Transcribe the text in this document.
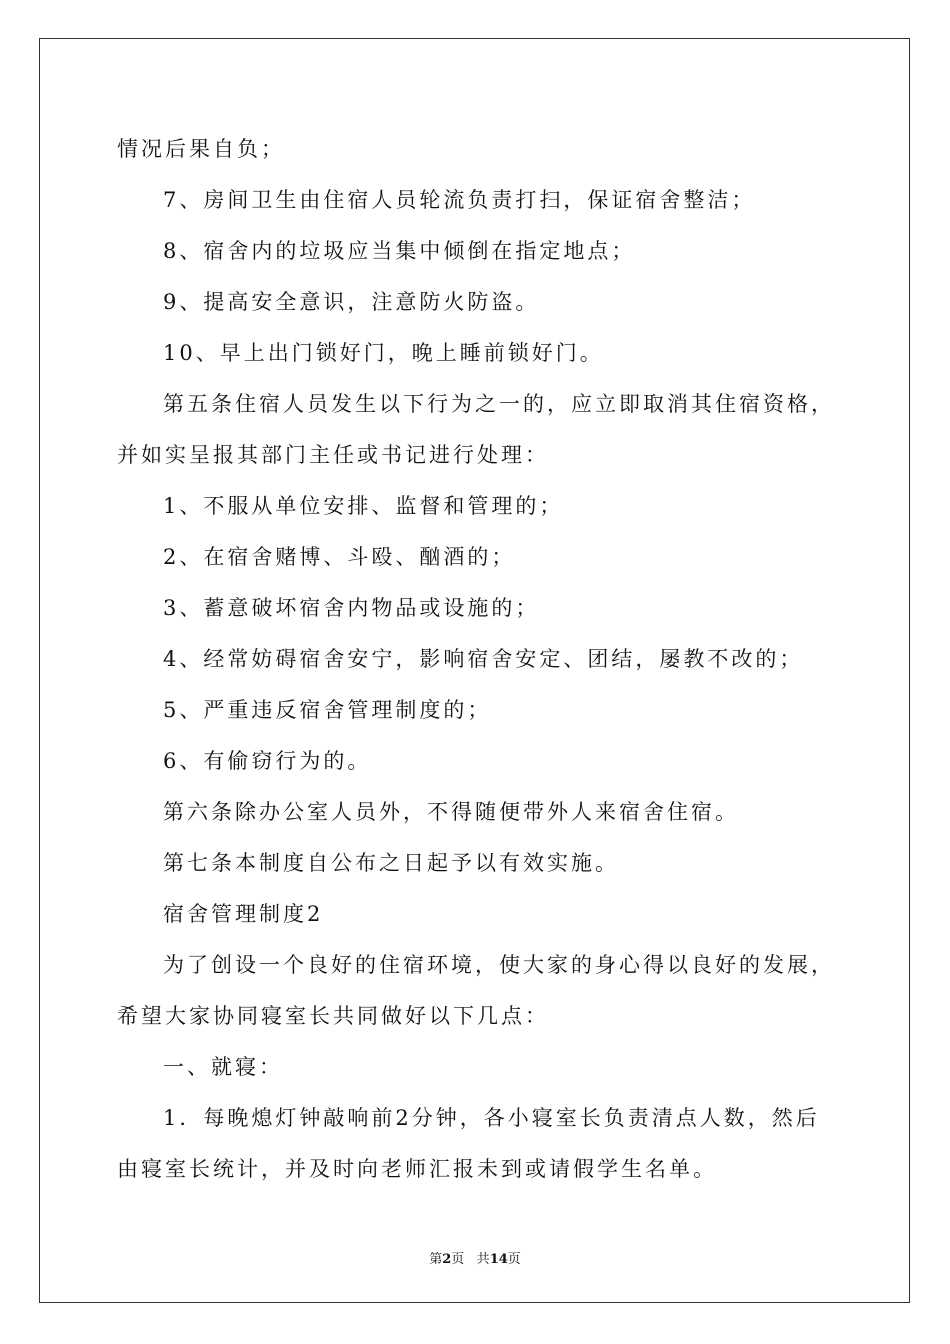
情况后果自负；
7、房间卫生由住宿人员轮流负责打扫，保证宿舍整洁；
8、宿舍内的垃圾应当集中倾倒在指定地点；
9、提高安全意识，注意防火防盗。
10、早上出门锁好门，晚上睡前锁好门。
第五条住宿人员发生以下行为之一的，应立即取消其住宿资格，
并如实呈报其部门主任或书记进行处理：
1、不服从单位安排、监督和管理的；
2、在宿舍赌博、斗殴、酗酒的；
3、蓄意破坏宿舍内物品或设施的；
4、经常妨碍宿舍安宁，影响宿舍安定、团结，屡教不改的；
5、严重违反宿舍管理制度的；
6、有偷窃行为的。
第六条除办公室人员外，不得随便带外人来宿舍住宿。
第七条本制度自公布之日起予以有效实施。
宿舍管理制度2
为了创设一个良好的住宿环境，使大家的身心得以良好的发展，
希望大家协同寝室长共同做好以下几点：
一、就寝：
1．每晚熄灯钟敲响前2分钟，各小寝室长负责清点人数，然后
由寝室长统计，并及时向老师汇报未到或请假学生名单。
第2页 共14页
